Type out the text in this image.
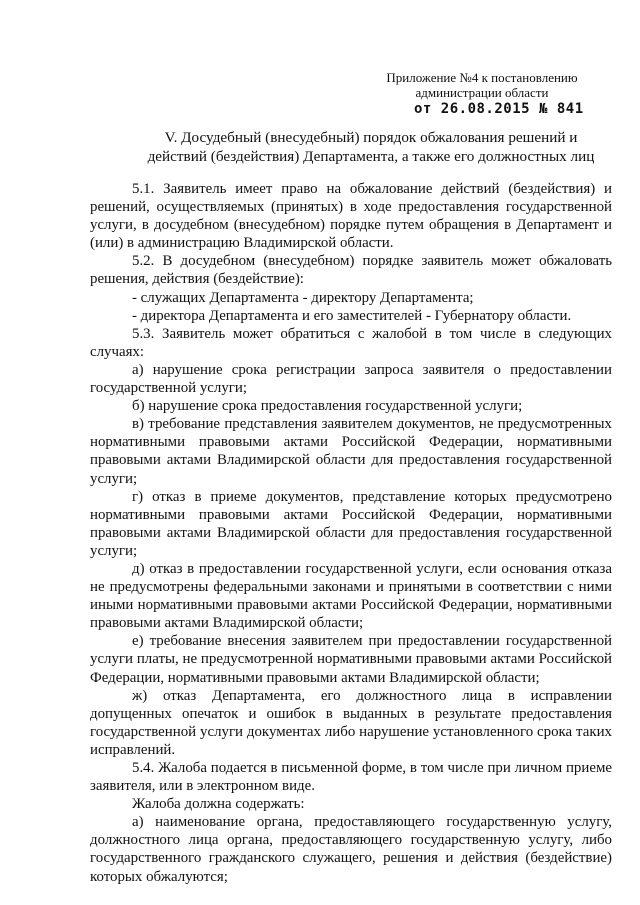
Приложение №4 к постановлению
администрации области
от 26.08.2015 № 841
V. Досудебный (внесудебный) порядок обжалования решений и действий (бездействия) Департамента, а также его должностных лиц

5.1. Заявитель имеет право на обжалование действий (бездействия) и решений, осуществляемых (принятых) в ходе предоставления государственной услуги, в досудебном (внесудебном) порядке путем обращения в Департамент и (или) в администрацию Владимирской области.

5.2. В досудебном (внесудебном) порядке заявитель может обжаловать решения, действия (бездействие):

- служащих Департамента - директору Департамента;

- директора Департамента и его заместителей - Губернатору области.

5.3. Заявитель может обратиться с жалобой в том числе в следующих случаях:

а) нарушение срока регистрации запроса заявителя о предоставлении государственной услуги;

б) нарушение срока предоставления государственной услуги;

в) требование представления заявителем документов, не предусмотренных нормативными правовыми актами Российской Федерации, нормативными правовыми актами Владимирской области для предоставления государственной услуги;

г) отказ в приеме документов, представление которых предусмотрено нормативными правовыми актами Российской Федерации, нормативными правовыми актами Владимирской области для предоставления государственной услуги;

д) отказ в предоставлении государственной услуги, если основания отказа не предусмотрены федеральными законами и принятыми в соответствии с ними иными нормативными правовыми актами Российской Федерации, нормативными правовыми актами Владимирской области;

е) требование внесения заявителем при предоставлении государственной услуги платы, не предусмотренной нормативными правовыми актами Российской Федерации, нормативными правовыми актами Владимирской области;

ж) отказ Департамента, его должностного лица в исправлении допущенных опечаток и ошибок в выданных в результате предоставления государственной услуги документах либо нарушение установленного срока таких исправлений.

5.4. Жалоба подается в письменной форме, в том числе при личном приеме заявителя, или в электронном виде.

Жалоба должна содержать:

а) наименование органа, предоставляющего государственную услугу, должностного лица органа, предоставляющего государственную услугу, либо государственного гражданского служащего, решения и действия (бездействие) которых обжалуются;
